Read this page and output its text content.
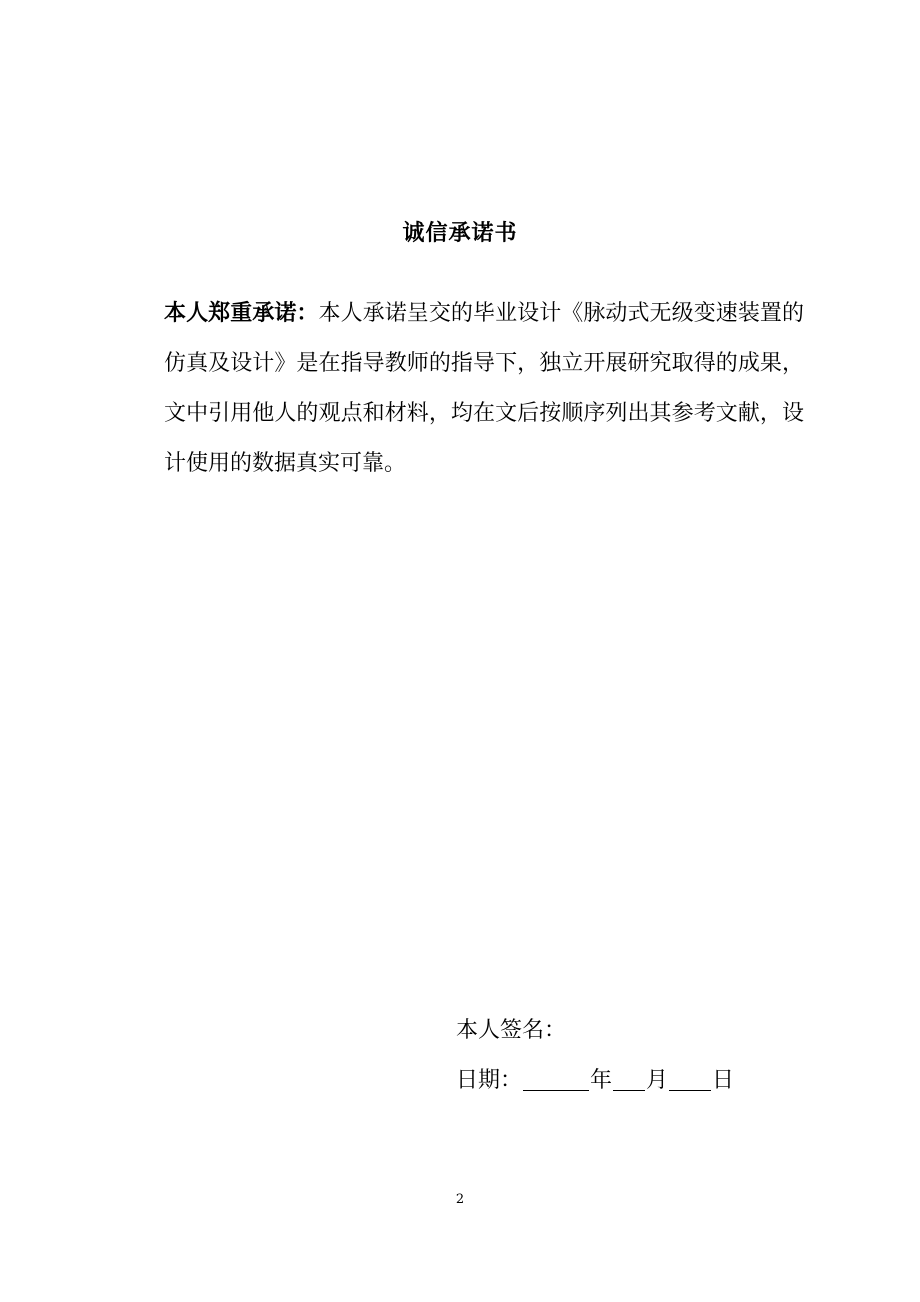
诚信承诺书

本人郑重承诺：本人承诺呈交的毕业设计《脉动式无级变速装置的仿真及设计》是在指导教师的指导下，独立开展研究取得的成果，文中引用他人的观点和材料，均在文后按顺序列出其参考文献，设计使用的数据真实可靠。

本人签名：
日期：	年 月 日
2
